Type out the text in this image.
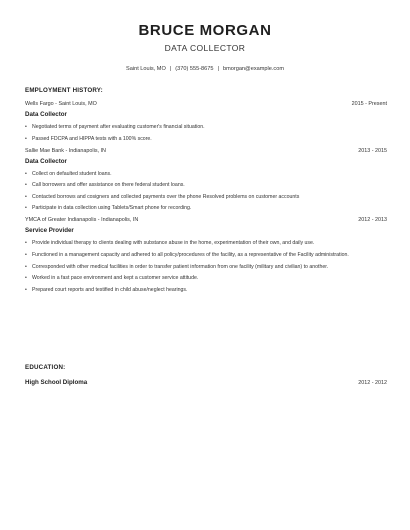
BRUCE MORGAN
DATA COLLECTOR
Saint Louis, MO | (370) 555-8675 | bmorgan@example.com
EMPLOYMENT HISTORY:
Wells Fargo - Saint Louis, MO	2015 - Present
Data Collector
• Negotiated terms of payment after evaluating customer's financial situation.
• Passed FDCPA and HIPPA tests with a 100% score.
Sallie Mae Bank - Indianapolis, IN	2013 - 2015
Data Collector
• Collect on defaulted student loans.
• Call borrowers and offer assistance on there federal student loans.
• Contacted borrows and cosigners and collected payments over the phone Resolved problems on customer accounts
• Participate in data collection using Tablets/Smart phone for recording.
YMCA of Greater Indianapolis - Indianapolis, IN	2012 - 2013
Service Provider
• Provide individual therapy to clients dealing with substance abuse in the home, experimentation of their own, and daily use.
• Functioned in a management capacity and adhered to all policy/procedures of the facility, as a representative of the Facility administration.
• Corresponded with other medical facilities in order to transfer patient information from one facility (military and civilian) to another.
• Worked in a fast pace environment and kept a customer service attitude.
• Prepared court reports and testified in child abuse/neglect hearings.
EDUCATION:
High School Diploma	2012 - 2012
